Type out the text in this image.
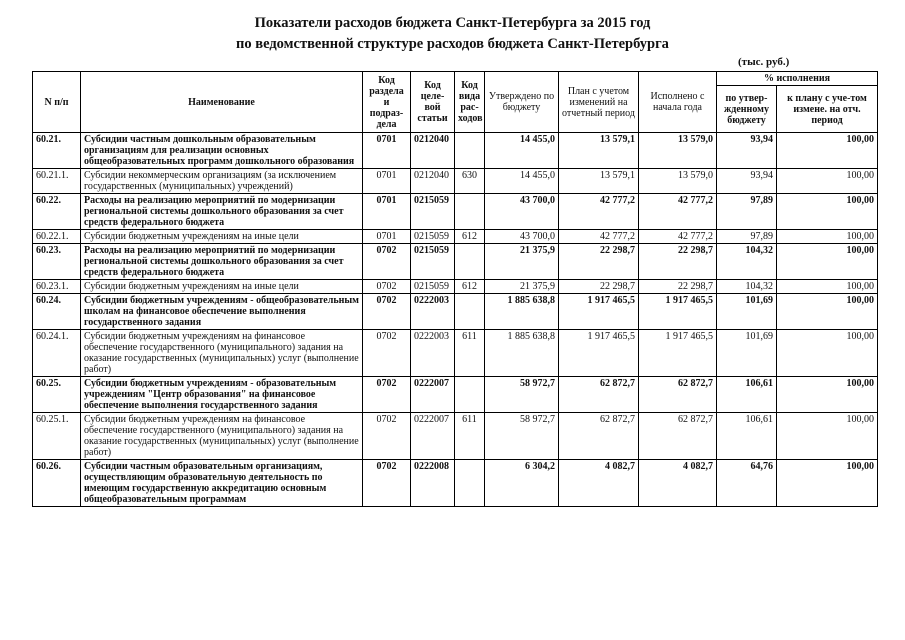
Показатели расходов бюджета Санкт-Петербурга за 2015 год
по ведомственной структуре расходов бюджета Санкт-Петербурга
(тыс. руб.)
N п/п	Наименование	Код раздела и подраз-дела	Код целе-вой статьи	Код вида рас-ходов	Утверждено по бюджету	План с учетом изменений на отчетный период	Исполнено с начала года	% исполнения	
								по утвер-жденному бюджету	к плану с уче-том измене. на отч. период
60.21.	Субсидии частным дошкольным образовательным организациям для реализации основных общеобразовательных программ дошкольного образования	0701	0212040		14 455,0	13 579,1	13 579,0	93,94	100,00
60.21.1.	Субсидии некоммерческим организациям (за исключением государственных (муниципальных) учреждений)	0701	0212040	630	14 455,0	13 579,1	13 579,0	93,94	100,00
60.22.	Расходы на реализацию мероприятий по модернизации региональной системы дошкольного образования за счет средств федерального бюджета	0701	0215059		43 700,0	42 777,2	42 777,2	97,89	100,00
60.22.1.	Субсидии бюджетным учреждениям на иные цели	0701	0215059	612	43 700,0	42 777,2	42 777,2	97,89	100,00
60.23.	Расходы на реализацию мероприятий по модернизации региональной системы дошкольного образования за счет средств федерального бюджета	0702	0215059		21 375,9	22 298,7	22 298,7	104,32	100,00
60.23.1.	Субсидии бюджетным учреждениям на иные цели	0702	0215059	612	21 375,9	22 298,7	22 298,7	104,32	100,00
60.24.	Субсидии бюджетным учреждениям - общеобразовательным школам на финансовое обеспечение выполнения государственного задания	0702	0222003		1 885 638,8	1 917 465,5	1 917 465,5	101,69	100,00
60.24.1.	Субсидии бюджетным учреждениям на финансовое обеспечение государственного (муниципального) задания на оказание государственных (муниципальных) услуг (выполнение работ)	0702	0222003	611	1 885 638,8	1 917 465,5	1 917 465,5	101,69	100,00
60.25.	Субсидии бюджетным учреждениям - образовательным учреждениям "Центр образования" на финансовое обеспечение выполнения государственного задания	0702	0222007		58 972,7	62 872,7	62 872,7	106,61	100,00
60.25.1.	Субсидии бюджетным учреждениям на финансовое обеспечение государственного (муниципального) задания на оказание государственных (муниципальных) услуг (выполнение работ)	0702	0222007	611	58 972,7	62 872,7	62 872,7	106,61	100,00
60.26.	Субсидии частным образовательным организациям, осуществляющим образовательную деятельность по имеющим государственную аккредитацию основным общеобразовательным программам	0702	0222008		6 304,2	4 082,7	4 082,7	64,76	100,00
